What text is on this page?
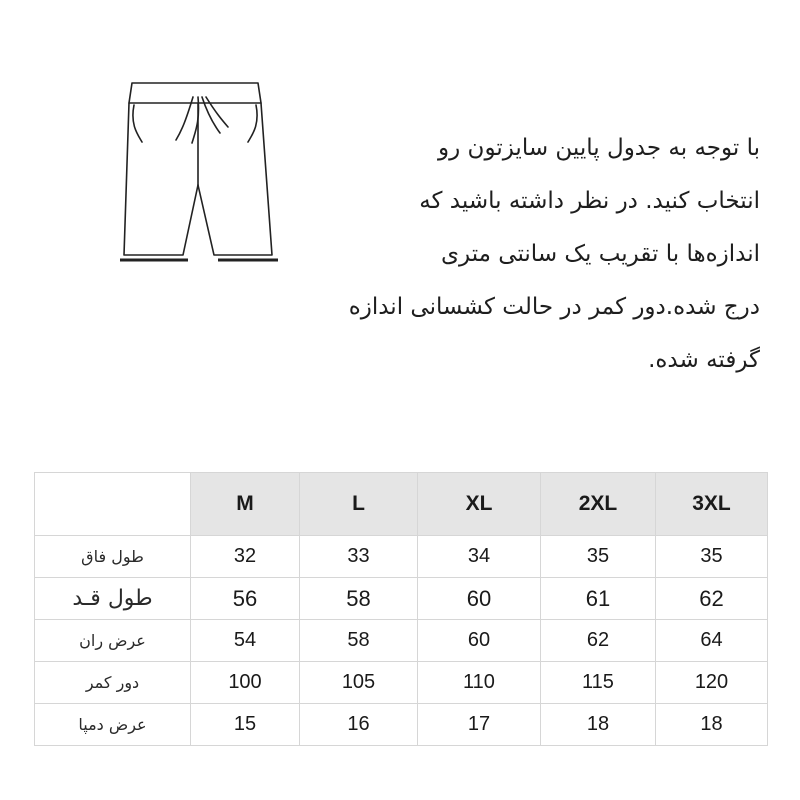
با توجه به جدول پایین سایزتون رو
انتخاب کنید. در نظر داشته باشید که
اندازه‌ها با تقریب یک سانتی متری
درج شده.دور کمر در حالت کشسانی اندازه
گرفته شده.
	M	L	XL	2XL	3XL
طول فاق	32	33	34	35	35
طول قـد	56	58	60	61	62
عرض ران	54	58	60	62	64
دور کمر	100	105	110	115	120
عرض دمپا	15	16	17	18	18
